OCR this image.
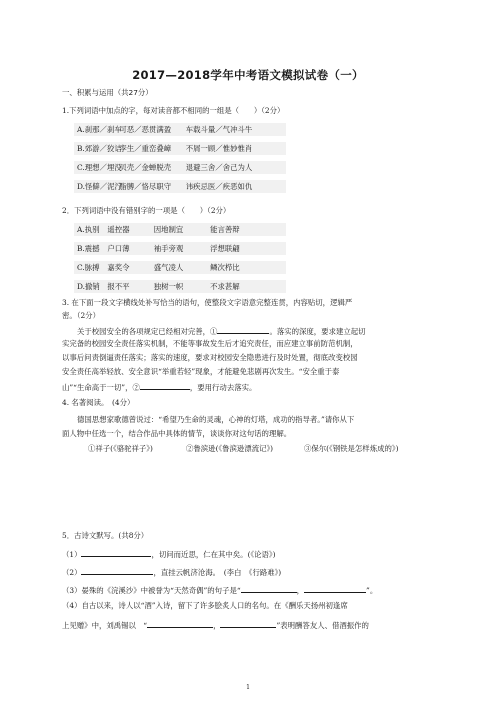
2017—2018学年中考语文模拟试卷（一）
一、积累与运用（共27分）
1.下列词语中加点的字，每对读音都不相同的一组是（　　）（2分）
A.刹那／刹车 可恶／恶贯满盈 车载斗量／气冲斗牛
B.郊游／狡诘 孪生／重峦叠嶂 不屑一顾／惟妙惟肖
C.理想／埋没 贝壳／金蝉脱壳 退避三舍／舍己为人
D.怪僻／泥泞 脂膊／恪尽职守 讳疾忌医／疾恶如仇
2．下列词语中没有错别字的一项是（　　）（2分）
A.执别 遥控器	因地制宜	能言善辩
B.震撼 户口薄	袖手旁观	浮想联翩
C.脉搏 嘉奖令	盛气凌人	鳞次栉比
D.撤销 报不平	独树一帜	不求甚解
3. 在下面一段文字横线处补写恰当的语句，使整段文字语意完整连贯，内容贴切，逻辑严
密。（2分）
关于校园安全的各项规定已经相对完善，①	。落实的深度，要求建立起切
实完备的校园安全责任落实机制，不能等事故发生后才追究责任，而应建立事前防范机制，
以事后问责倒逼责任落实；落实的速度，要求对校园安全隐患进行及时处置，彻底改变校园
安全责任高举轻放、安全意识“举重若轻”现象，才能避免悲剧再次发生。“安全重于泰
山”“生命高于一切”，②	，要用行动去落实。
4. 名著阅读。　(4分）
德国思想家歌德曾说过：“希望乃生命的灵魂，心神的灯塔，成功的指导者。”请你从下
面人物中任选一个，结合作品中具体的情节，谈谈你对这句话的理解。
①祥子(《骆驼祥子》)	②鲁滨逊(《鲁滨逊漂流记》)	③保尔(《钢铁是怎样炼成的》)
5．古诗文默写。(共8分）
（1）	，切问而近思，仁在其中矣。(《论语》)
（2）	，直挂云帆济沧海。　(李白　《行路难》)
（3）晏殊的《浣溪沙》中被誉为“天然奇偶”的句子是“	，	”。
（4）自古以来，诗人以“酒”入诗，留下了许多脍炙人口的名句。在《酬乐天扬州初逢席
上见赠》中，刘禹锡以　“	，	”表明酬答友人、借酒振作的
1
